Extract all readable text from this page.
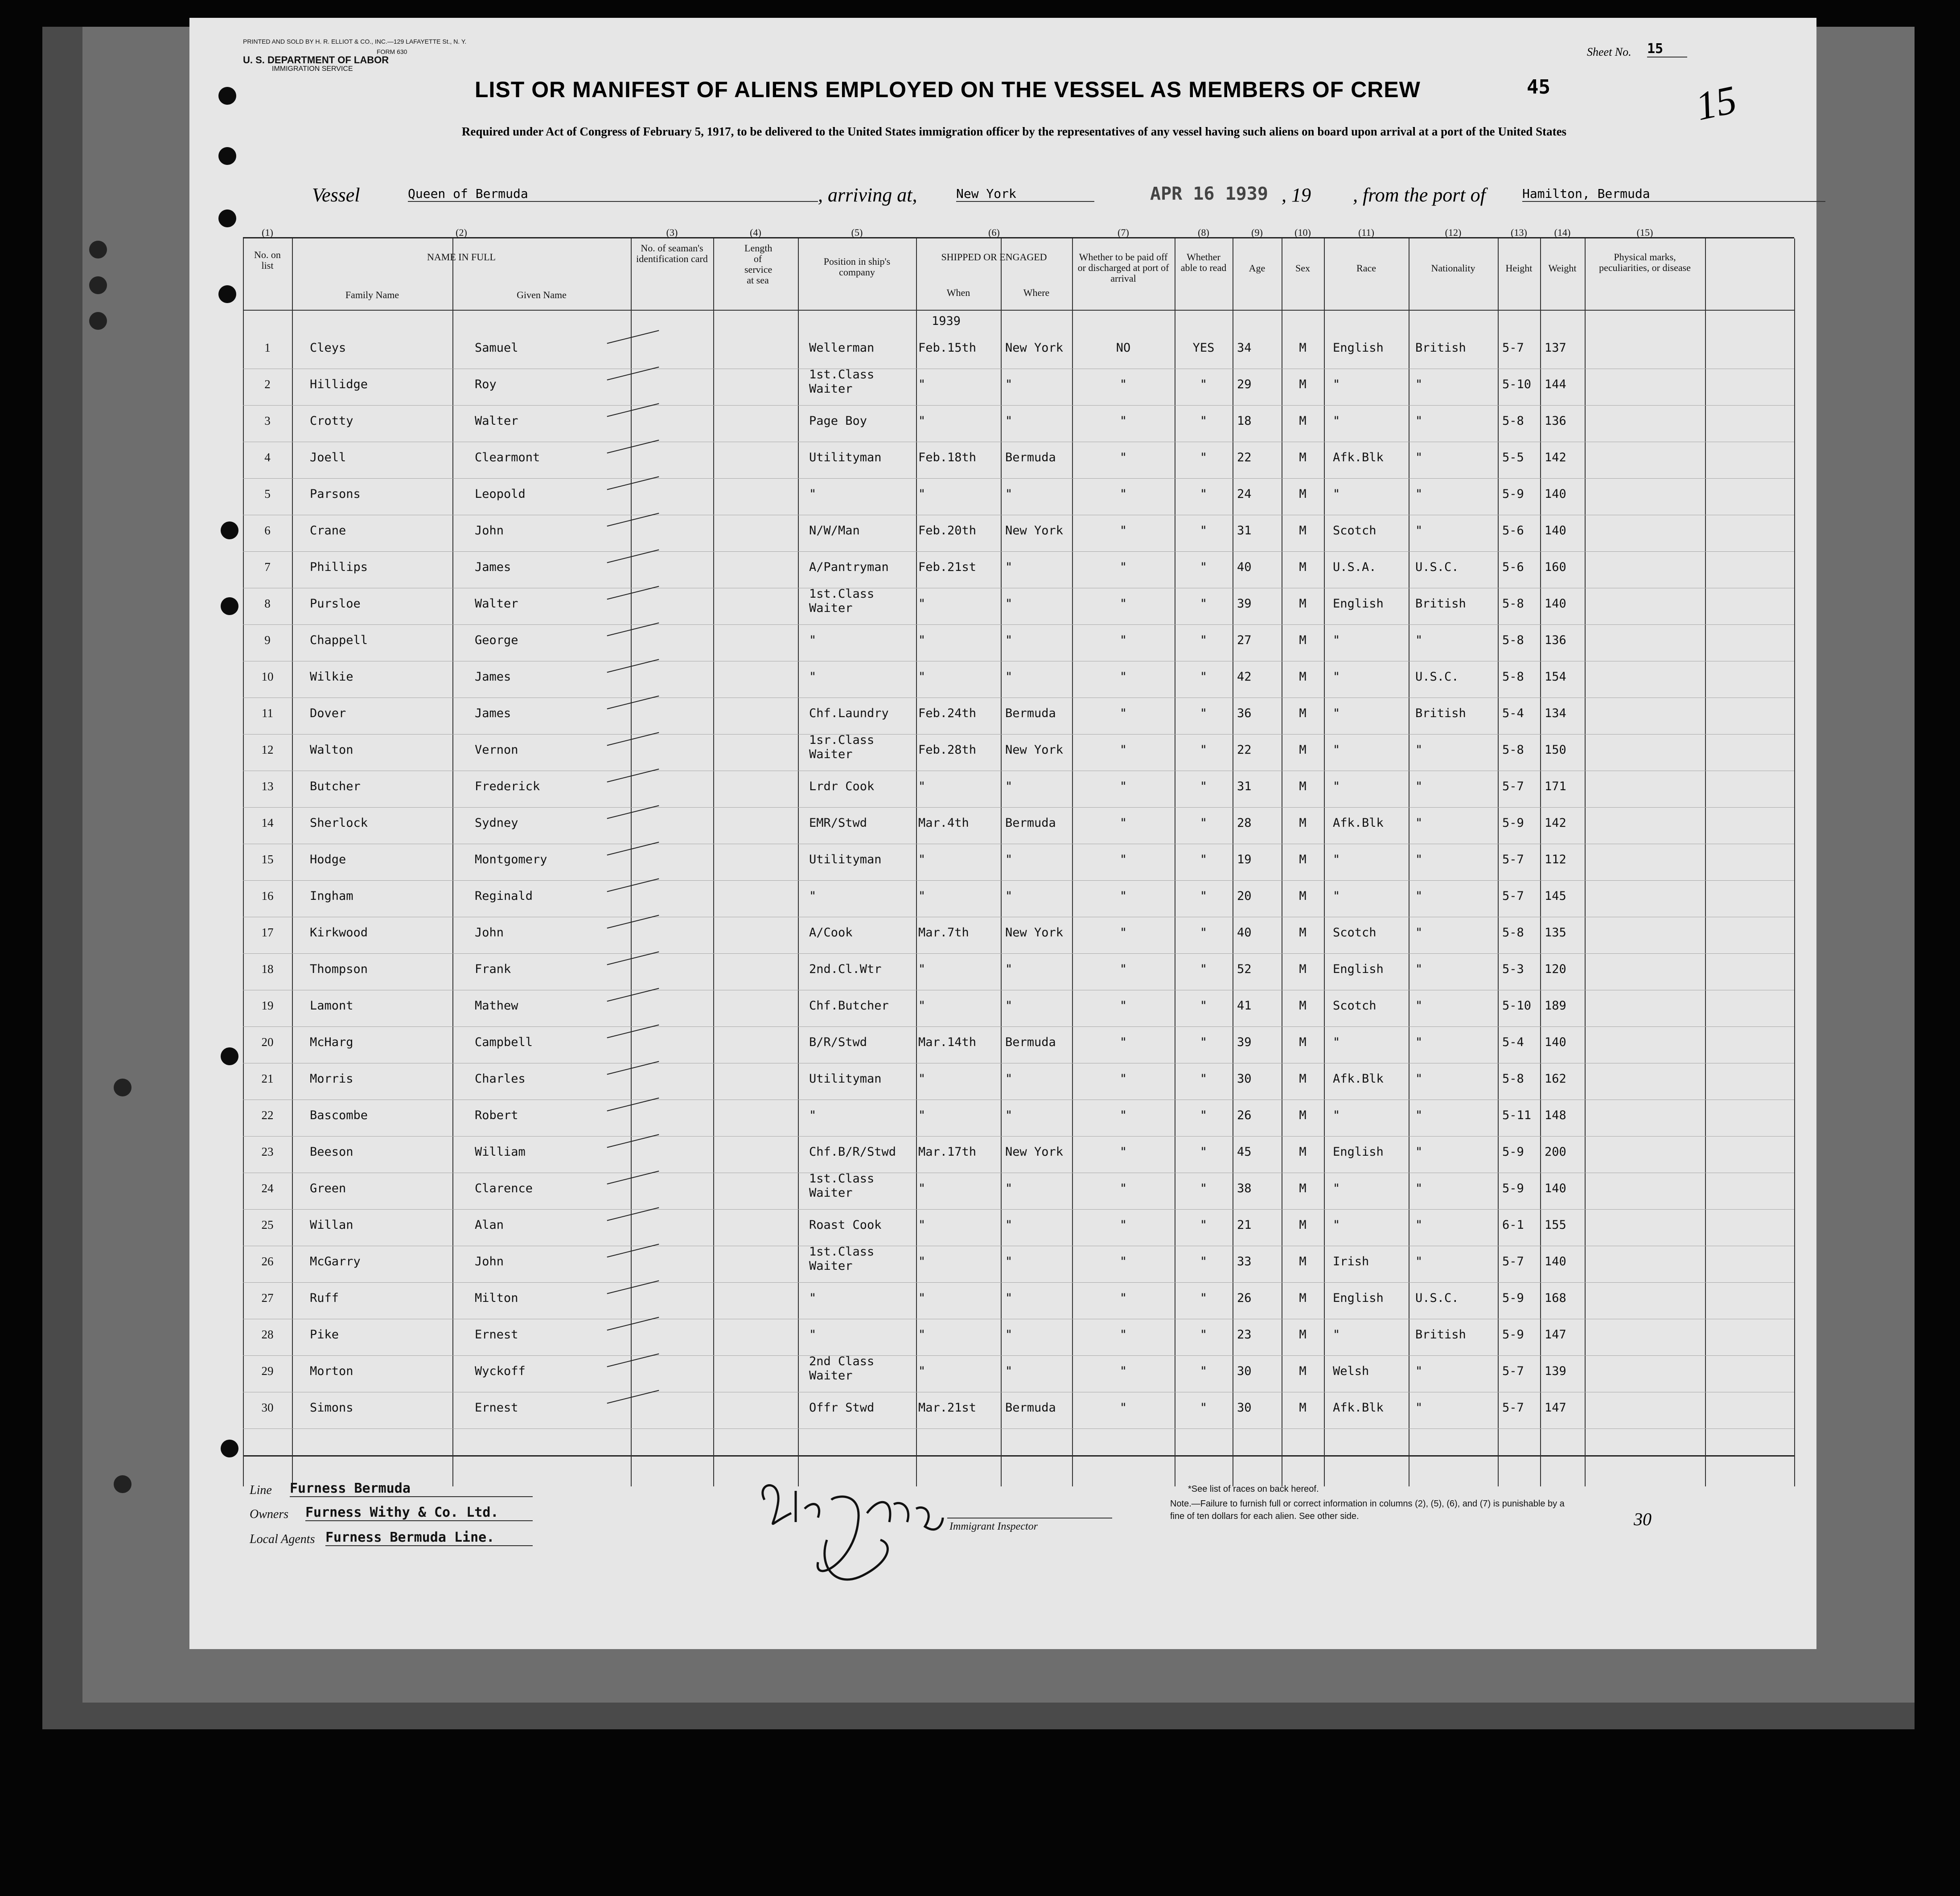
PRINTED AND SOLD BY H. R. ELLIOT & CO., INC.—129 LAFAYETTE St., N. Y.
FORM 630
U. S. DEPARTMENT OF LABOR
IMMIGRATION SERVICE
Sheet No. 15
LIST OR MANIFEST OF ALIENS EMPLOYED ON THE VESSEL AS MEMBERS OF CREW	45	15
Required under Act of Congress of February 5, 1917, to be delivered to the United States immigration officer by the representatives of any vessel having such aliens on board upon arrival at a port of the United States
Vessel	Queen of Bermuda	, arriving at,	New York	APR 16 1939 , 19 , from the port of	Hamilton, Bermuda
(1)
No. on list
(2)
NAME IN FULL
Family Name	Given Name
(3)
No. of seaman's identification card
(4)
Length of service at sea
(5)
Position in ship's company
(6)
SHIPPED OR ENGAGED
When	Where
(7)
Whether to be paid off or discharged at port of arrival
(8)
Whether able to read
(9)
Age
(10)
Sex
(11)
Race
(12)
Nationality
(13)
Height
(14)
Weight
(15)
Physical marks, peculiarities, or disease
1939
1	Cleys	Samuel	Wellerman	Feb.15th New York	NO	YES	34	M	English	British	5-7 137
2	Hillidge	Roy
1st.Class
Waiter	"	"	"	"	29	M	"	"	5-10 144
3	Crotty	Walter	Page Boy	"	"	"	"	18	M	"	"	5-8 136
4	Joell	Clearmont	Utilityman	Feb.18th Bermuda	"	"	22	M	Afk.Blk	"	5-5 142
5	Parsons	Leopold	"	"	"	"	"	24	M	"	"	5-9 140
6	Crane	John	N/W/Man	Feb.20th New York	"	"	31	M	Scotch	"	5-6 140
7	Phillips	James	A/Pantryman Feb.21st "	"	"	40	M	U.S.A.	U.S.C.	5-6 160
8	Pursloe	Walter
1st.Class
Waiter	"	"	"	"	39	M	English	British	5-8 140
9	Chappell	George	"	"	"	"	"	27	M	"	"	5-8 136
10	Wilkie	James	"	"	"	"	"	42	M	"	U.S.C.	5-8 154
11	Dover	James	Chf.Laundry Feb.24th Bermuda	"	"	36	M	"	British	5-4 134
12	Walton	Vernon
1sr.Class
Waiter	Feb.28th New York	"	"	22	M	"	"	5-8 150
13	Butcher	Frederick	Lrdr Cook	"	"	"	"	31	M	"	"	5-7 171
14	Sherlock	Sydney	EMR/Stwd	Mar.4th	Bermuda	"	"	28	M	Afk.Blk	"	5-9 142
15	Hodge	Montgomery	Utilityman	"	"	"	"	19	M	"	"	5-7 112
16	Ingham	Reginald	"	"	"	"	"	20	M	"	"	5-7 145
17	Kirkwood	John	A/Cook	Mar.7th	New York	"	"	40	M	Scotch	"	5-8 135
18	Thompson	Frank	2nd.Cl.Wtr	"	"	"	"	52	M	English	"	5-3 120
19	Lamont	Mathew	Chf.Butcher "	"	"	"	41	M	Scotch	"	5-10 189
20	McHarg	Campbell	B/R/Stwd	Mar.14th Bermuda	"	"	39	M	"	"	5-4 140
21	Morris	Charles	Utilityman	"	"	"	"	30	M	Afk.Blk	"	5-8 162
22	Bascombe	Robert	"	"	"	"	"	26	M	"	"	5-11 148
23	Beeson	William	Chf.B/R/Stwd Mar.17th New York	"	"	45	M	English	"	5-9 200
24	Green	Clarence
1st.Class
Waiter	"	"	"	"	38	M	"	"	5-9 140
25	Willan	Alan	Roast Cook	"	"	"	"	21	M	"	"	6-1 155
26	McGarry	John
1st.Class
Waiter	"	"	"	"	33	M	Irish	"	5-7 140
27	Ruff	Milton	"	"	"	"	"	26	M	English	U.S.C.	5-9 168
28	Pike	Ernest	"	"	"	"	"	23	M	"	British	5-9 147
29	Morton	Wyckoff
2nd Class
Waiter	"	"	"	"	30	M	Welsh	"	5-7 139
30	Simons	Ernest	Offr Stwd	Mar.21st Bermuda	"	"	30	M	Afk.Blk	"	5-7 147
Line Furness Bermuda
Owners Furness Withy & Co. Ltd.
Local Agents Furness Bermuda Line.
Immigrant Inspector
*See list of races on back hereof.
Note.—Failure to furnish full or correct information in columns (2), (5), (6), and (7) is punishable by a fine of ten dollars for each alien. See other side.	30
